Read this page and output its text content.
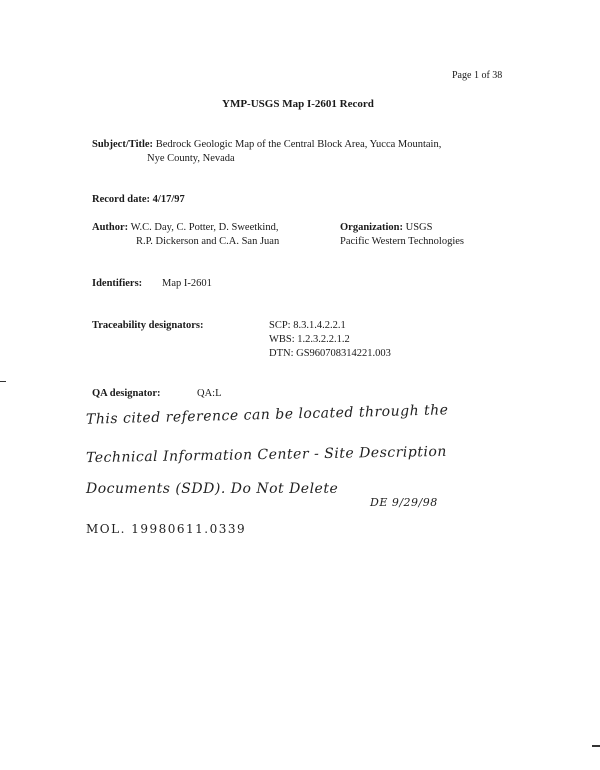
Page 1 of 38
YMP-USGS Map I-2601 Record
Subject/Title: Bedrock Geologic Map of the Central Block Area, Yucca Mountain,
Nye County, Nevada
Record date: 4/17/97
Author: W.C. Day, C. Potter, D. Sweetkind,
R.P. Dickerson and C.A. San Juan
Organization: USGS
Pacific Western Technologies
Identifiers: Map I-2601
Traceability designators:	SCP: 8.3.1.4.2.2.1
WBS: 1.2.3.2.2.1.2
DTN: GS960708314221.003
QA designator:	QA:L
This cited reference can be located through the
Technical Information Center - Site Description
Documents (SDD). Do Not Delete
DE 9/29/98
MOL. 19980611.0339
